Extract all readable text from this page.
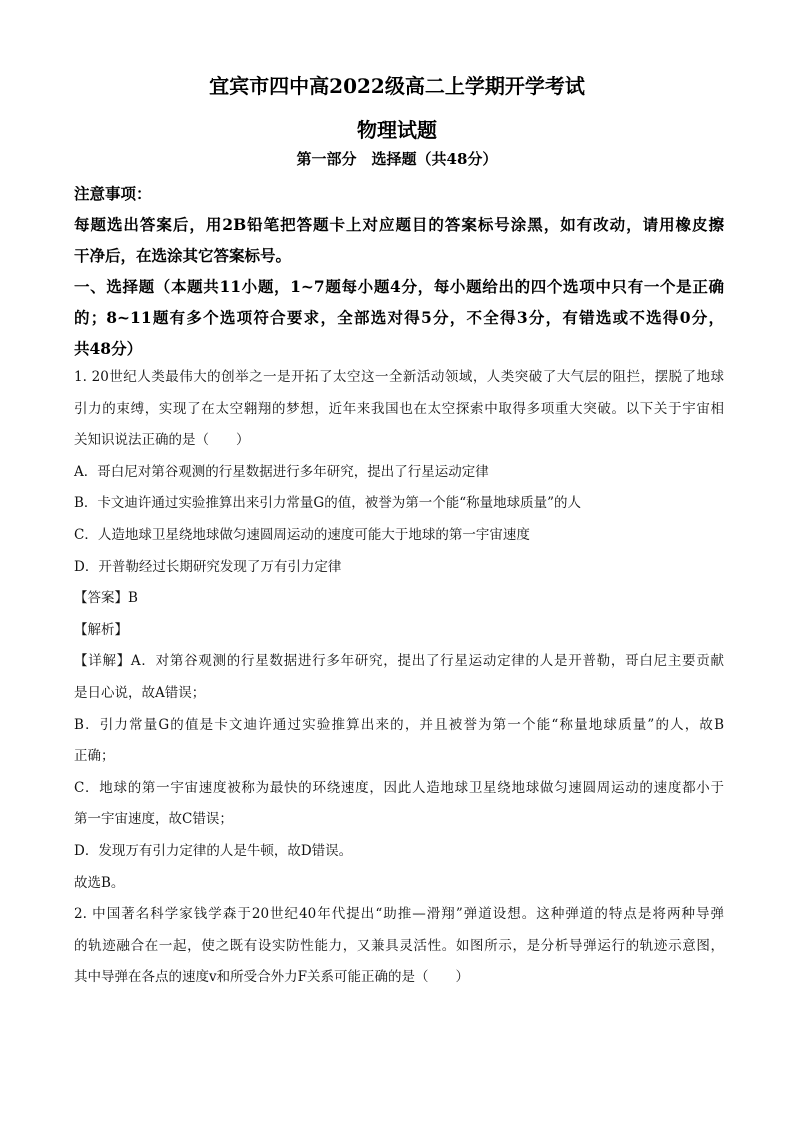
宜宾市四中高2022级高二上学期开学考试
物理试题
第一部分　选择题（共48分）
注意事项：
每题选出答案后，用2B铅笔把答题卡上对应题目的答案标号涂黑，如有改动，请用橡皮擦
干净后，在选涂其它答案标号。
一、选择题（本题共11小题，1~7题每小题4分，每小题给出的四个选项中只有一个是正确
的；8~11题有多个选项符合要求，全部选对得5分，不全得3分，有错选或不选得0分，
共48分）
1. 20世纪人类最伟大的创举之一是开拓了太空这一全新活动领域，人类突破了大气层的阻拦，摆脱了地球
引力的束缚，实现了在太空翱翔的梦想，近年来我国也在太空探索中取得多项重大突破。以下关于宇宙相
关知识说法正确的是（　　）
A．哥白尼对第谷观测的行星数据进行多年研究，提出了行星运动定律
B．卡文迪许通过实验推算出来引力常量G的值，被誉为第一个能“称量地球质量”的人
C．人造地球卫星绕地球做匀速圆周运动的速度可能大于地球的第一宇宙速度
D．开普勒经过长期研究发现了万有引力定律
【答案】B
【解析】
【详解】A．对第谷观测的行星数据进行多年研究，提出了行星运动定律的人是开普勒，哥白尼主要贡献
是日心说，故A错误；
B．引力常量G的值是卡文迪许通过实验推算出来的，并且被誉为第一个能“称量地球质量”的人，故B
正确；
C．地球的第一宇宙速度被称为最快的环绕速度，因此人造地球卫星绕地球做匀速圆周运动的速度都小于
第一宇宙速度，故C错误；
D．发现万有引力定律的人是牛顿，故D错误。
故选B。
2. 中国著名科学家钱学森于20世纪40年代提出“助推—滑翔”弹道设想。这种弹道的特点是将两种导弹
的轨迹融合在一起，使之既有设实防性能力，又兼具灵活性。如图所示，是分析导弹运行的轨迹示意图，
其中导弹在各点的速度v和所受合外力F关系可能正确的是（　　）
